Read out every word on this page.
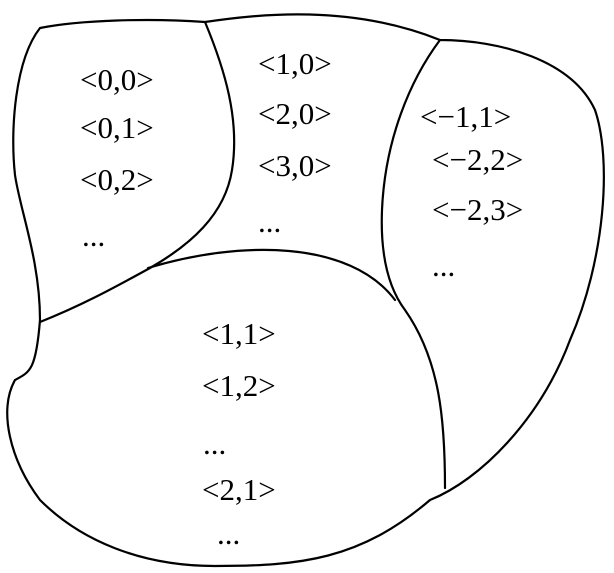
<0,0>
<0,1>
<0,2>
...
<1,0>
<2,0>
<3,0>
...
<−1,1>
<−2,2>
<−2,3>
...
<1,1>
<1,2>
...
<2,1>
...
